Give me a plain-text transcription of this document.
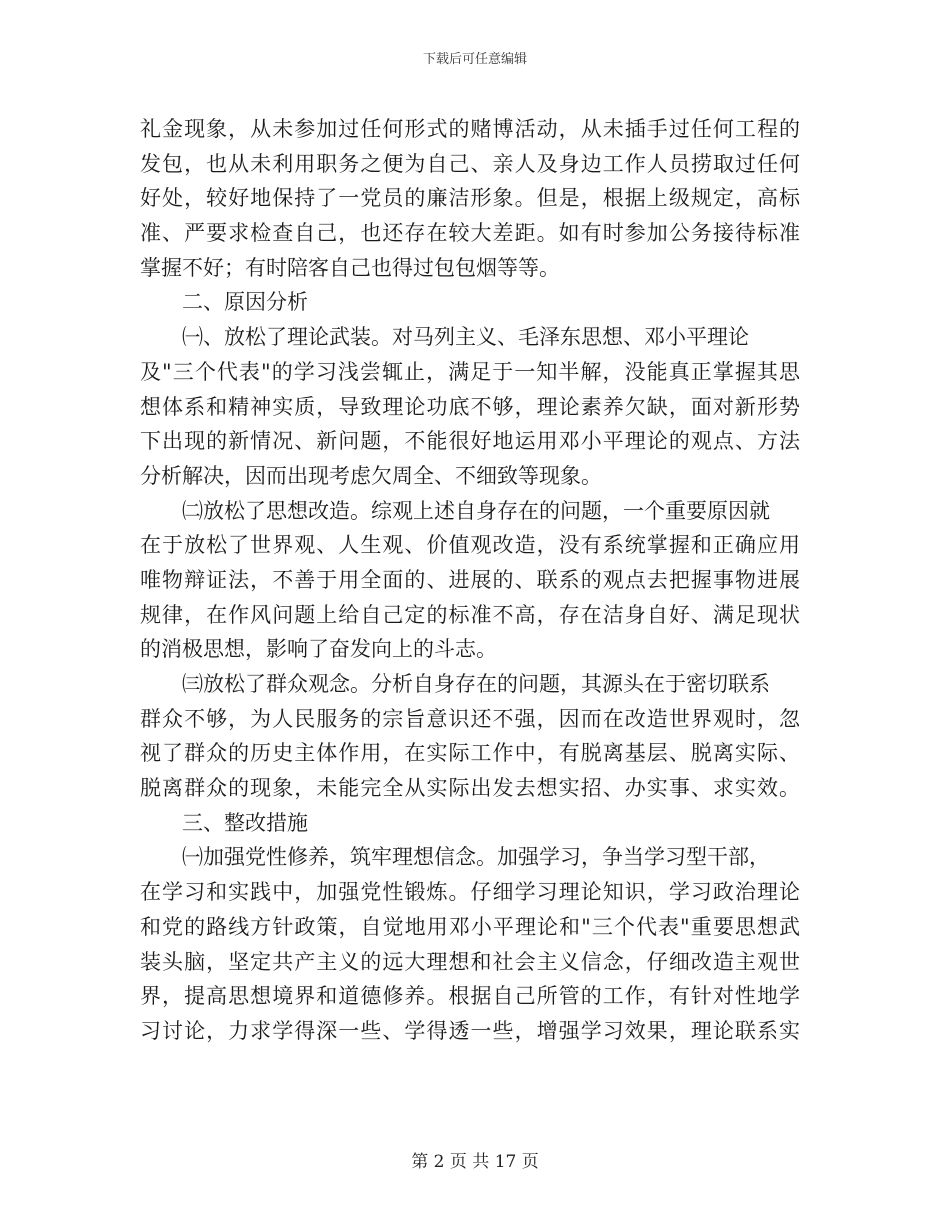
下载后可任意编辑
礼金现象，从未参加过任何形式的赌博活动，从未插手过任何工程的
发包，也从未利用职务之便为自己、亲人及身边工作人员捞取过任何
好处，较好地保持了一党员的廉洁形象。但是，根据上级规定，高标
准、严要求检查自己，也还存在较大差距。如有时参加公务接待标准
掌握不好；有时陪客自己也得过包包烟等等。
二、原因分析
㈠、放松了理论武装。对马列主义、毛泽东思想、邓小平理论
及"三个代表"的学习浅尝辄止，满足于一知半解，没能真正掌握其思
想体系和精神实质，导致理论功底不够，理论素养欠缺，面对新形势
下出现的新情况、新问题，不能很好地运用邓小平理论的观点、方法
分析解决，因而出现考虑欠周全、不细致等现象。
㈡放松了思想改造。综观上述自身存在的问题，一个重要原因就
在于放松了世界观、人生观、价值观改造，没有系统掌握和正确应用
唯物辩证法，不善于用全面的、进展的、联系的观点去把握事物进展
规律，在作风问题上给自己定的标准不高，存在洁身自好、满足现状
的消极思想，影响了奋发向上的斗志。
㈢放松了群众观念。分析自身存在的问题，其源头在于密切联系
群众不够，为人民服务的宗旨意识还不强，因而在改造世界观时，忽
视了群众的历史主体作用，在实际工作中，有脱离基层、脱离实际、
脱离群众的现象，未能完全从实际出发去想实招、办实事、求实效。
三、整改措施
㈠加强党性修养，筑牢理想信念。加强学习，争当学习型干部，
在学习和实践中，加强党性锻炼。仔细学习理论知识，学习政治理论
和党的路线方针政策，自觉地用邓小平理论和"三个代表"重要思想武
装头脑，坚定共产主义的远大理想和社会主义信念，仔细改造主观世
界，提高思想境界和道德修养。根据自己所管的工作，有针对性地学
习讨论，力求学得深一些、学得透一些，增强学习效果，理论联系实
第 2 页 共 17 页
